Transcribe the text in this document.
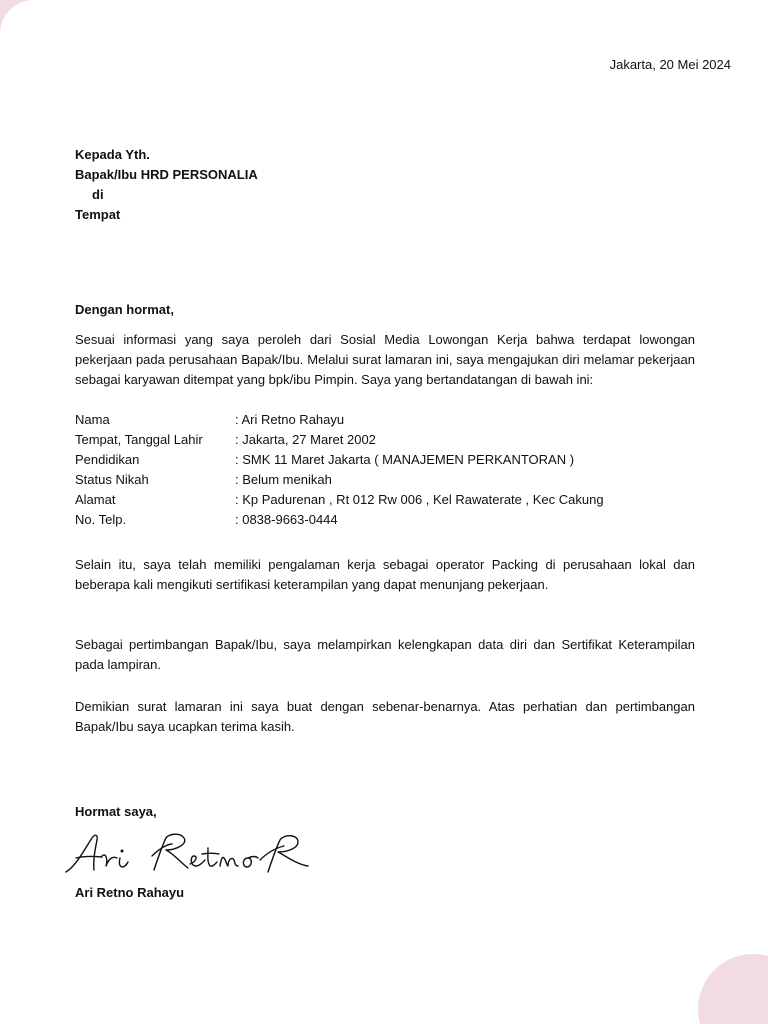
Jakarta, 20 Mei 2024
Kepada Yth.
Bapak/Ibu HRD PERSONALIA
di
Tempat
Dengan hormat,
Sesuai informasi yang saya peroleh dari Sosial Media Lowongan Kerja bahwa terdapat lowongan pekerjaan pada perusahaan Bapak/Ibu. Melalui surat lamaran ini, saya mengajukan diri melamar pekerjaan sebagai karyawan ditempat yang bpk/ibu Pimpin. Saya yang bertandatangan di bawah ini:
Nama	: Ari Retno Rahayu
Tempat, Tanggal Lahir	: Jakarta, 27 Maret 2002
Pendidikan	: SMK 11 Maret Jakarta ( MANAJEMEN PERKANTORAN )
Status Nikah	: Belum menikah
Alamat	: Kp Padurenan , Rt 012 Rw 006 , Kel Rawaterate , Kec Cakung
No. Telp.	: 0838-9663-0444
Selain itu, saya telah memiliki pengalaman kerja sebagai operator Packing di perusahaan lokal dan beberapa kali mengikuti sertifikasi keterampilan yang dapat menunjang pekerjaan.
Sebagai pertimbangan Bapak/Ibu, saya melampirkan kelengkapan data diri dan Sertifikat Keterampilan pada lampiran.
Demikian surat lamaran ini saya buat dengan sebenar-benarnya. Atas perhatian dan pertimbangan Bapak/Ibu saya ucapkan terima kasih.
Hormat saya,
Ari Retno Rahayu
